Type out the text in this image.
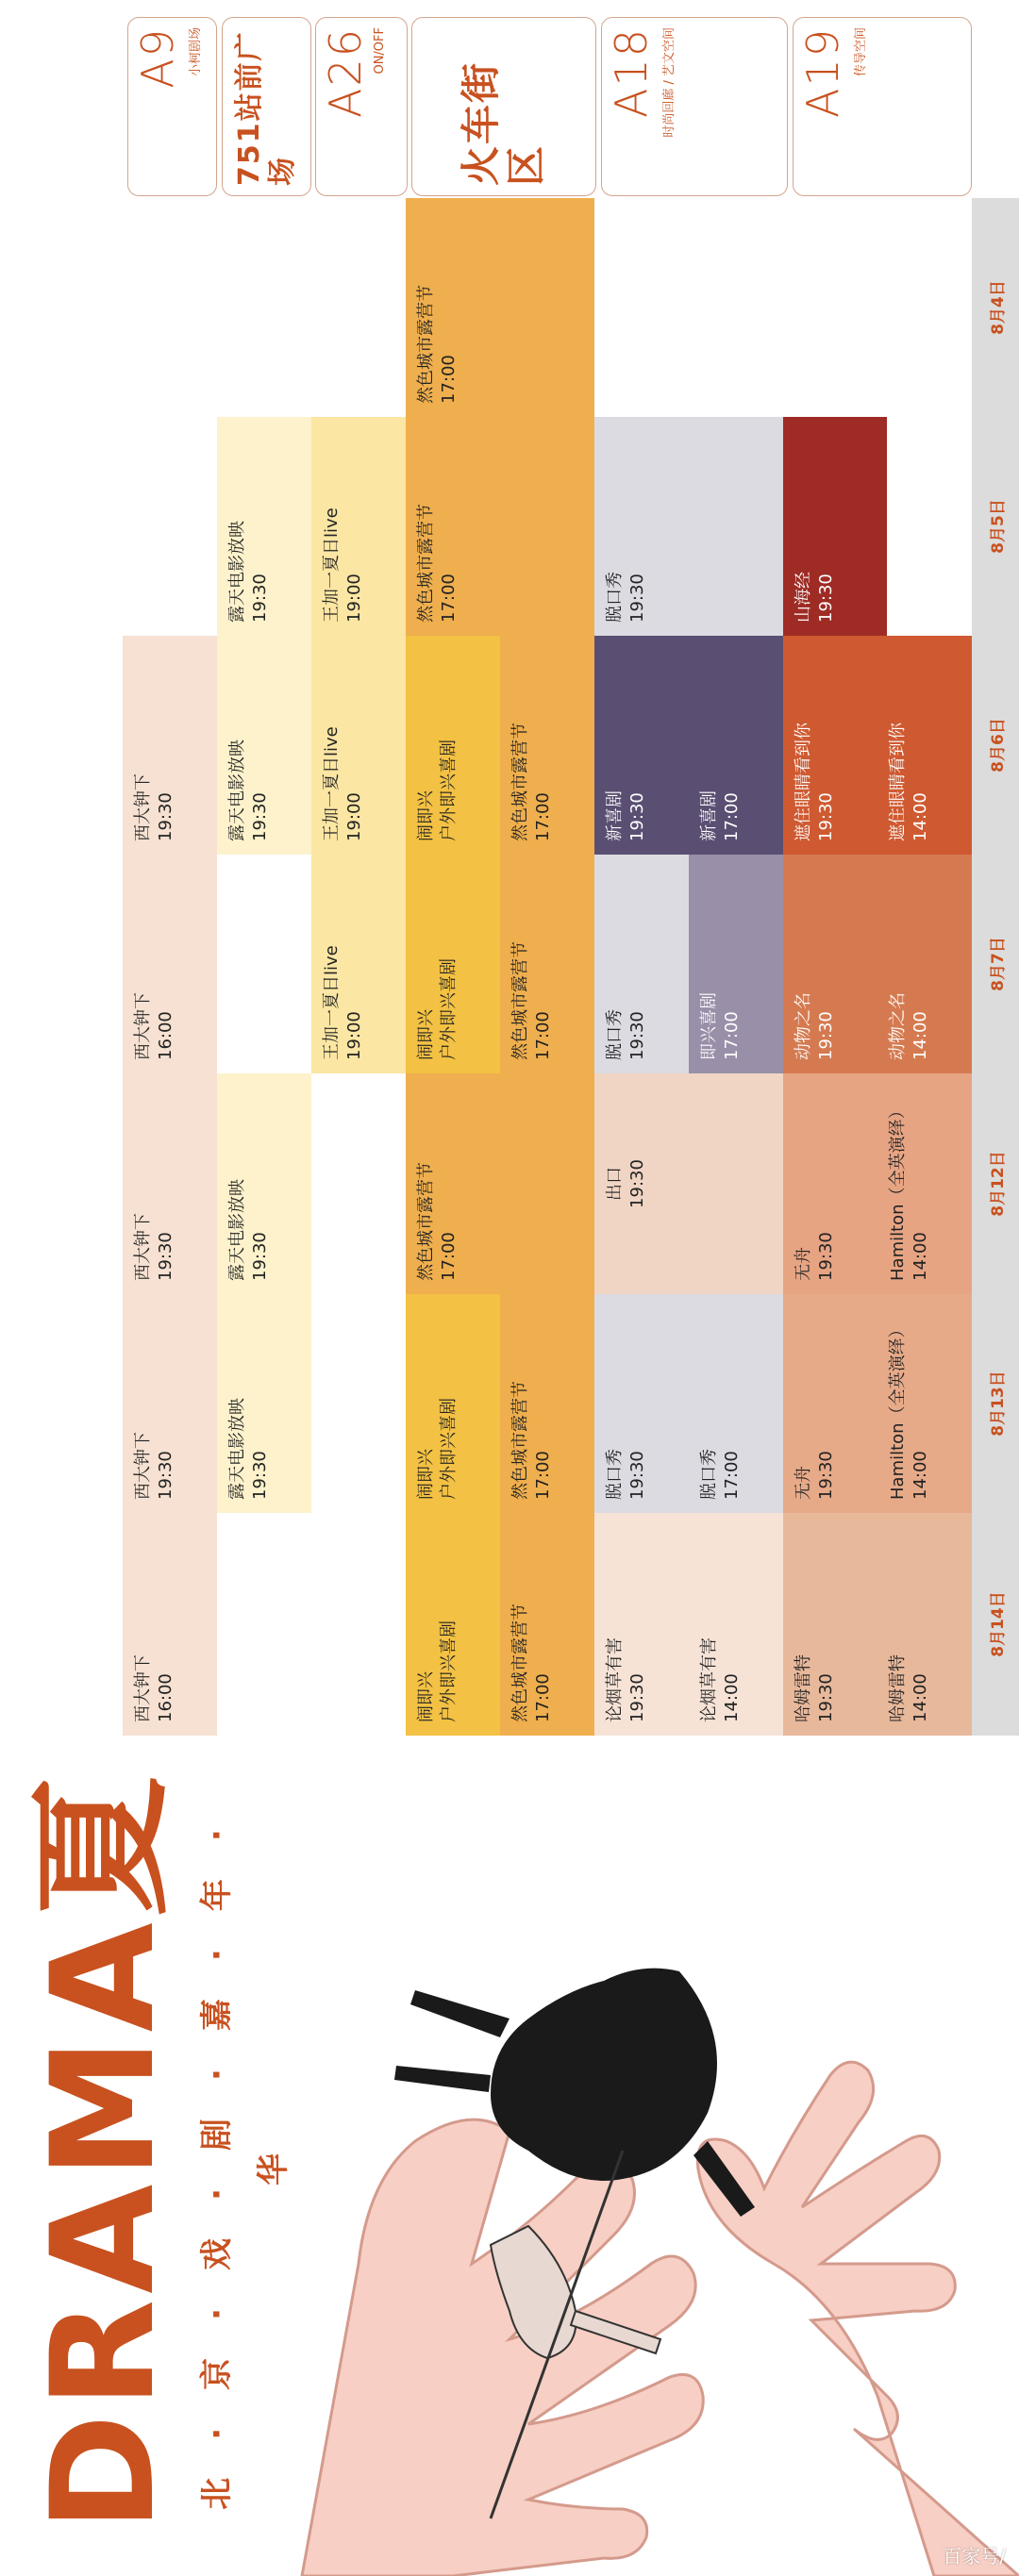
8月4日
8月5日
8月6日
8月7日
8月12日
8月13日
8月14日
A19 传导空间
A18 时尚回廊 / 艺文空间
火车街区
A26 ON/OFF
751站前广场
A9 小柯剧场
山海经 19:30
遮住眼睛看到你 14:00
遮住眼睛看到你 19:30
动物之名 14:00
动物之名 19:30
Hamilton（全英演绎） 14:00
无舟 19:30
Hamilton（全英演绎） 14:00
无舟 19:30
哈姆雷特 14:00
哈姆雷特 19:30
脱口秀 19:30
新喜剧 17:00
新喜剧 19:30
即兴喜剧 17:00
脱口秀 19:30
出口 19:30
脱口秀 17:00
脱口秀 19:30
论烟草有害 14:00
论烟草有害 19:30
然色城市露营节 17:00
然色城市露营节 17:00
然色城市露营节 17:00
闹即兴 户外即兴喜剧
然色城市露营节 17:00
闹即兴 户外即兴喜剧
然色城市露营节 17:00
然色城市露营节 17:00
闹即兴 户外即兴喜剧
然色城市露营节 17:00
闹即兴 户外即兴喜剧
王加一夏日live 19:00
王加一夏日live 19:00
王加一夏日live 19:00
露天电影放映 19:30
露天电影放映 19:30
露天电影放映 19:30
露天电影放映 19:30
西大钟下 19:30
西大钟下 16:00
西大钟下 19:30
西大钟下 19:30
西大钟下 16:00
DRAMA夏 北·京·戏·剧·嘉·年·华
百家号/
